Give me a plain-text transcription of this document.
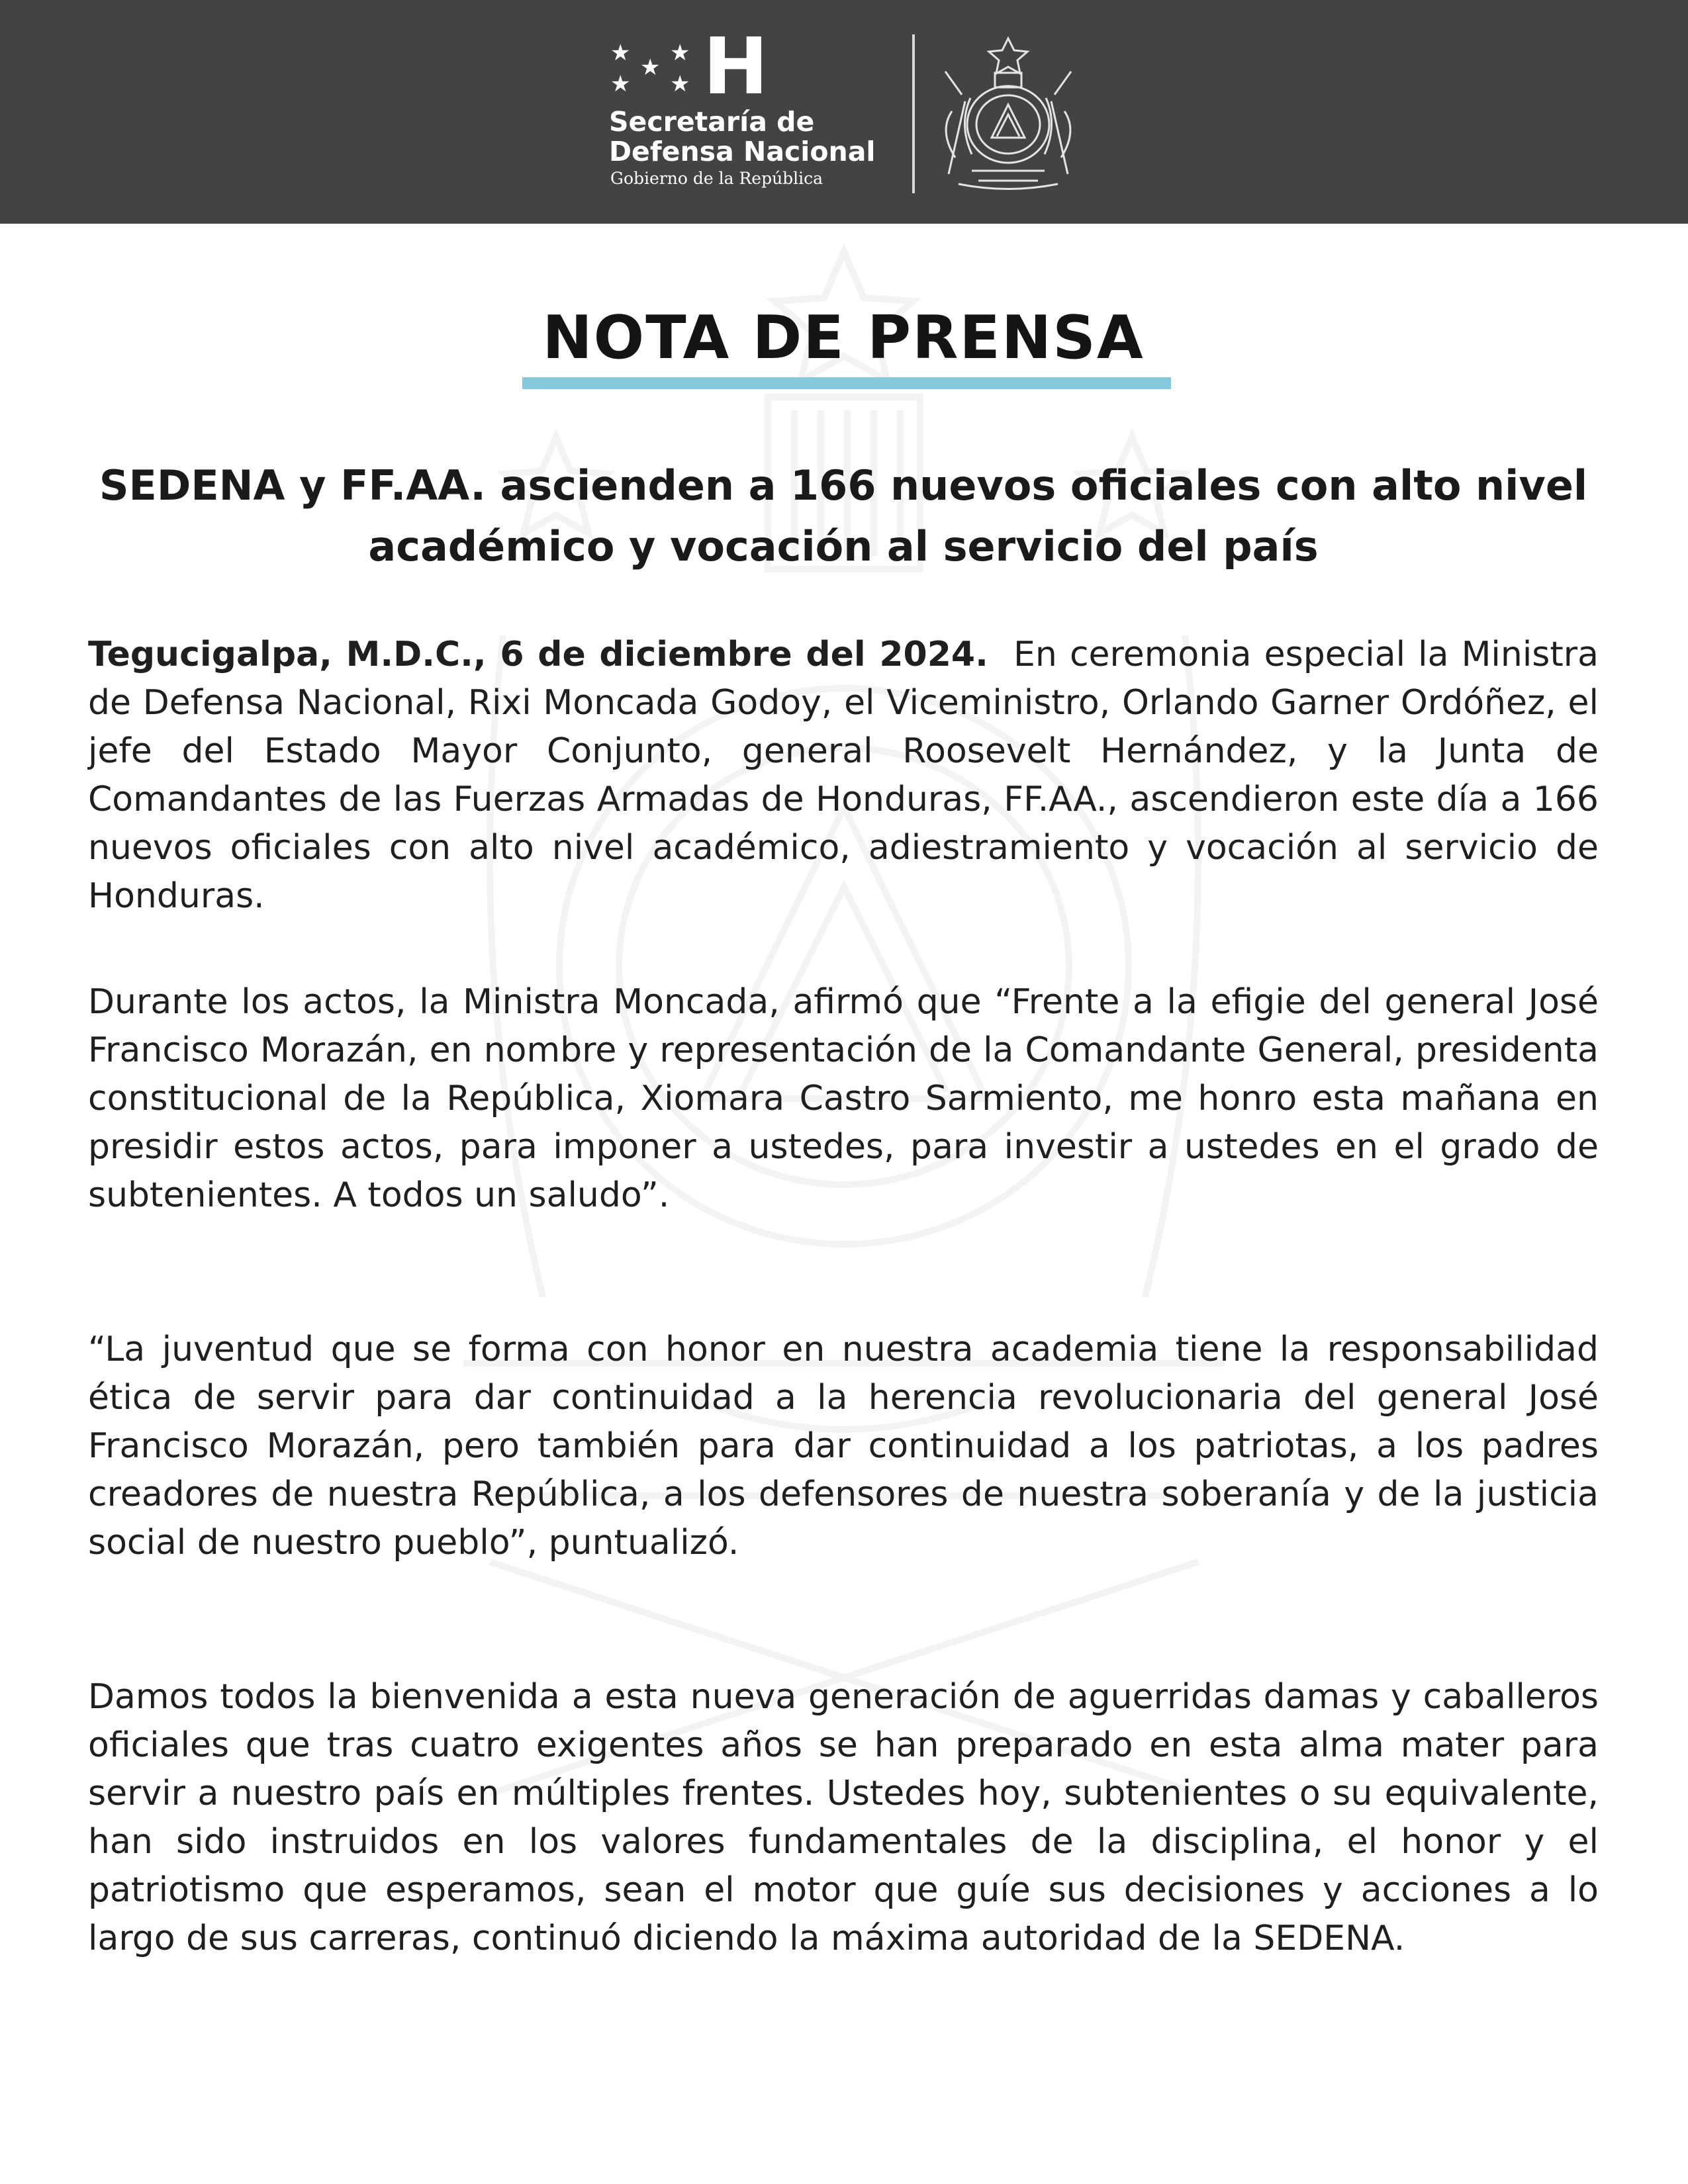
★ ★
★
★ ★ H
Secretaría de
Defensa Nacional
Gobierno de la República
NOTA DE PRENSA
SEDENA y FF.AA. ascienden a 166 nuevos oficiales con alto nivel académico y vocación al servicio del país

Tegucigalpa, M.D.C., 6 de diciembre del 2024. En ceremonia especial la Ministra de Defensa Nacional, Rixi Moncada Godoy, el Viceministro, Orlando Garner Ordóñez, el jefe del Estado Mayor Conjunto, general Roosevelt Hernández, y la Junta de Comandantes de las Fuerzas Armadas de Honduras, FF.AA., ascendieron este día a 166 nuevos oficiales con alto nivel académico, adiestramiento y vocación al servicio de Honduras.

Durante los actos, la Ministra Moncada, afirmó que “Frente a la efigie del general José Francisco Morazán, en nombre y representación de la Comandante General, presidenta constitucional de la República, Xiomara Castro Sarmiento, me honro esta mañana en presidir estos actos, para imponer a ustedes, para investir a ustedes en el grado de subtenientes. A todos un saludo”.

“La juventud que se forma con honor en nuestra academia tiene la responsabilidad ética de servir para dar continuidad a la herencia revolucionaria del general José Francisco Morazán, pero también para dar continuidad a los patriotas, a los padres creadores de nuestra República, a los defensores de nuestra soberanía y de la justicia social de nuestro pueblo”, puntualizó.

Damos todos la bienvenida a esta nueva generación de aguerridas damas y caballeros oficiales que tras cuatro exigentes años se han preparado en esta alma mater para servir a nuestro país en múltiples frentes. Ustedes hoy, subtenientes o su equivalente, han sido instruidos en los valores fundamentales de la disciplina, el honor y el patriotismo que esperamos, sean el motor que guíe sus decisiones y acciones a lo largo de sus carreras, continuó diciendo la máxima autoridad de la SEDENA.
